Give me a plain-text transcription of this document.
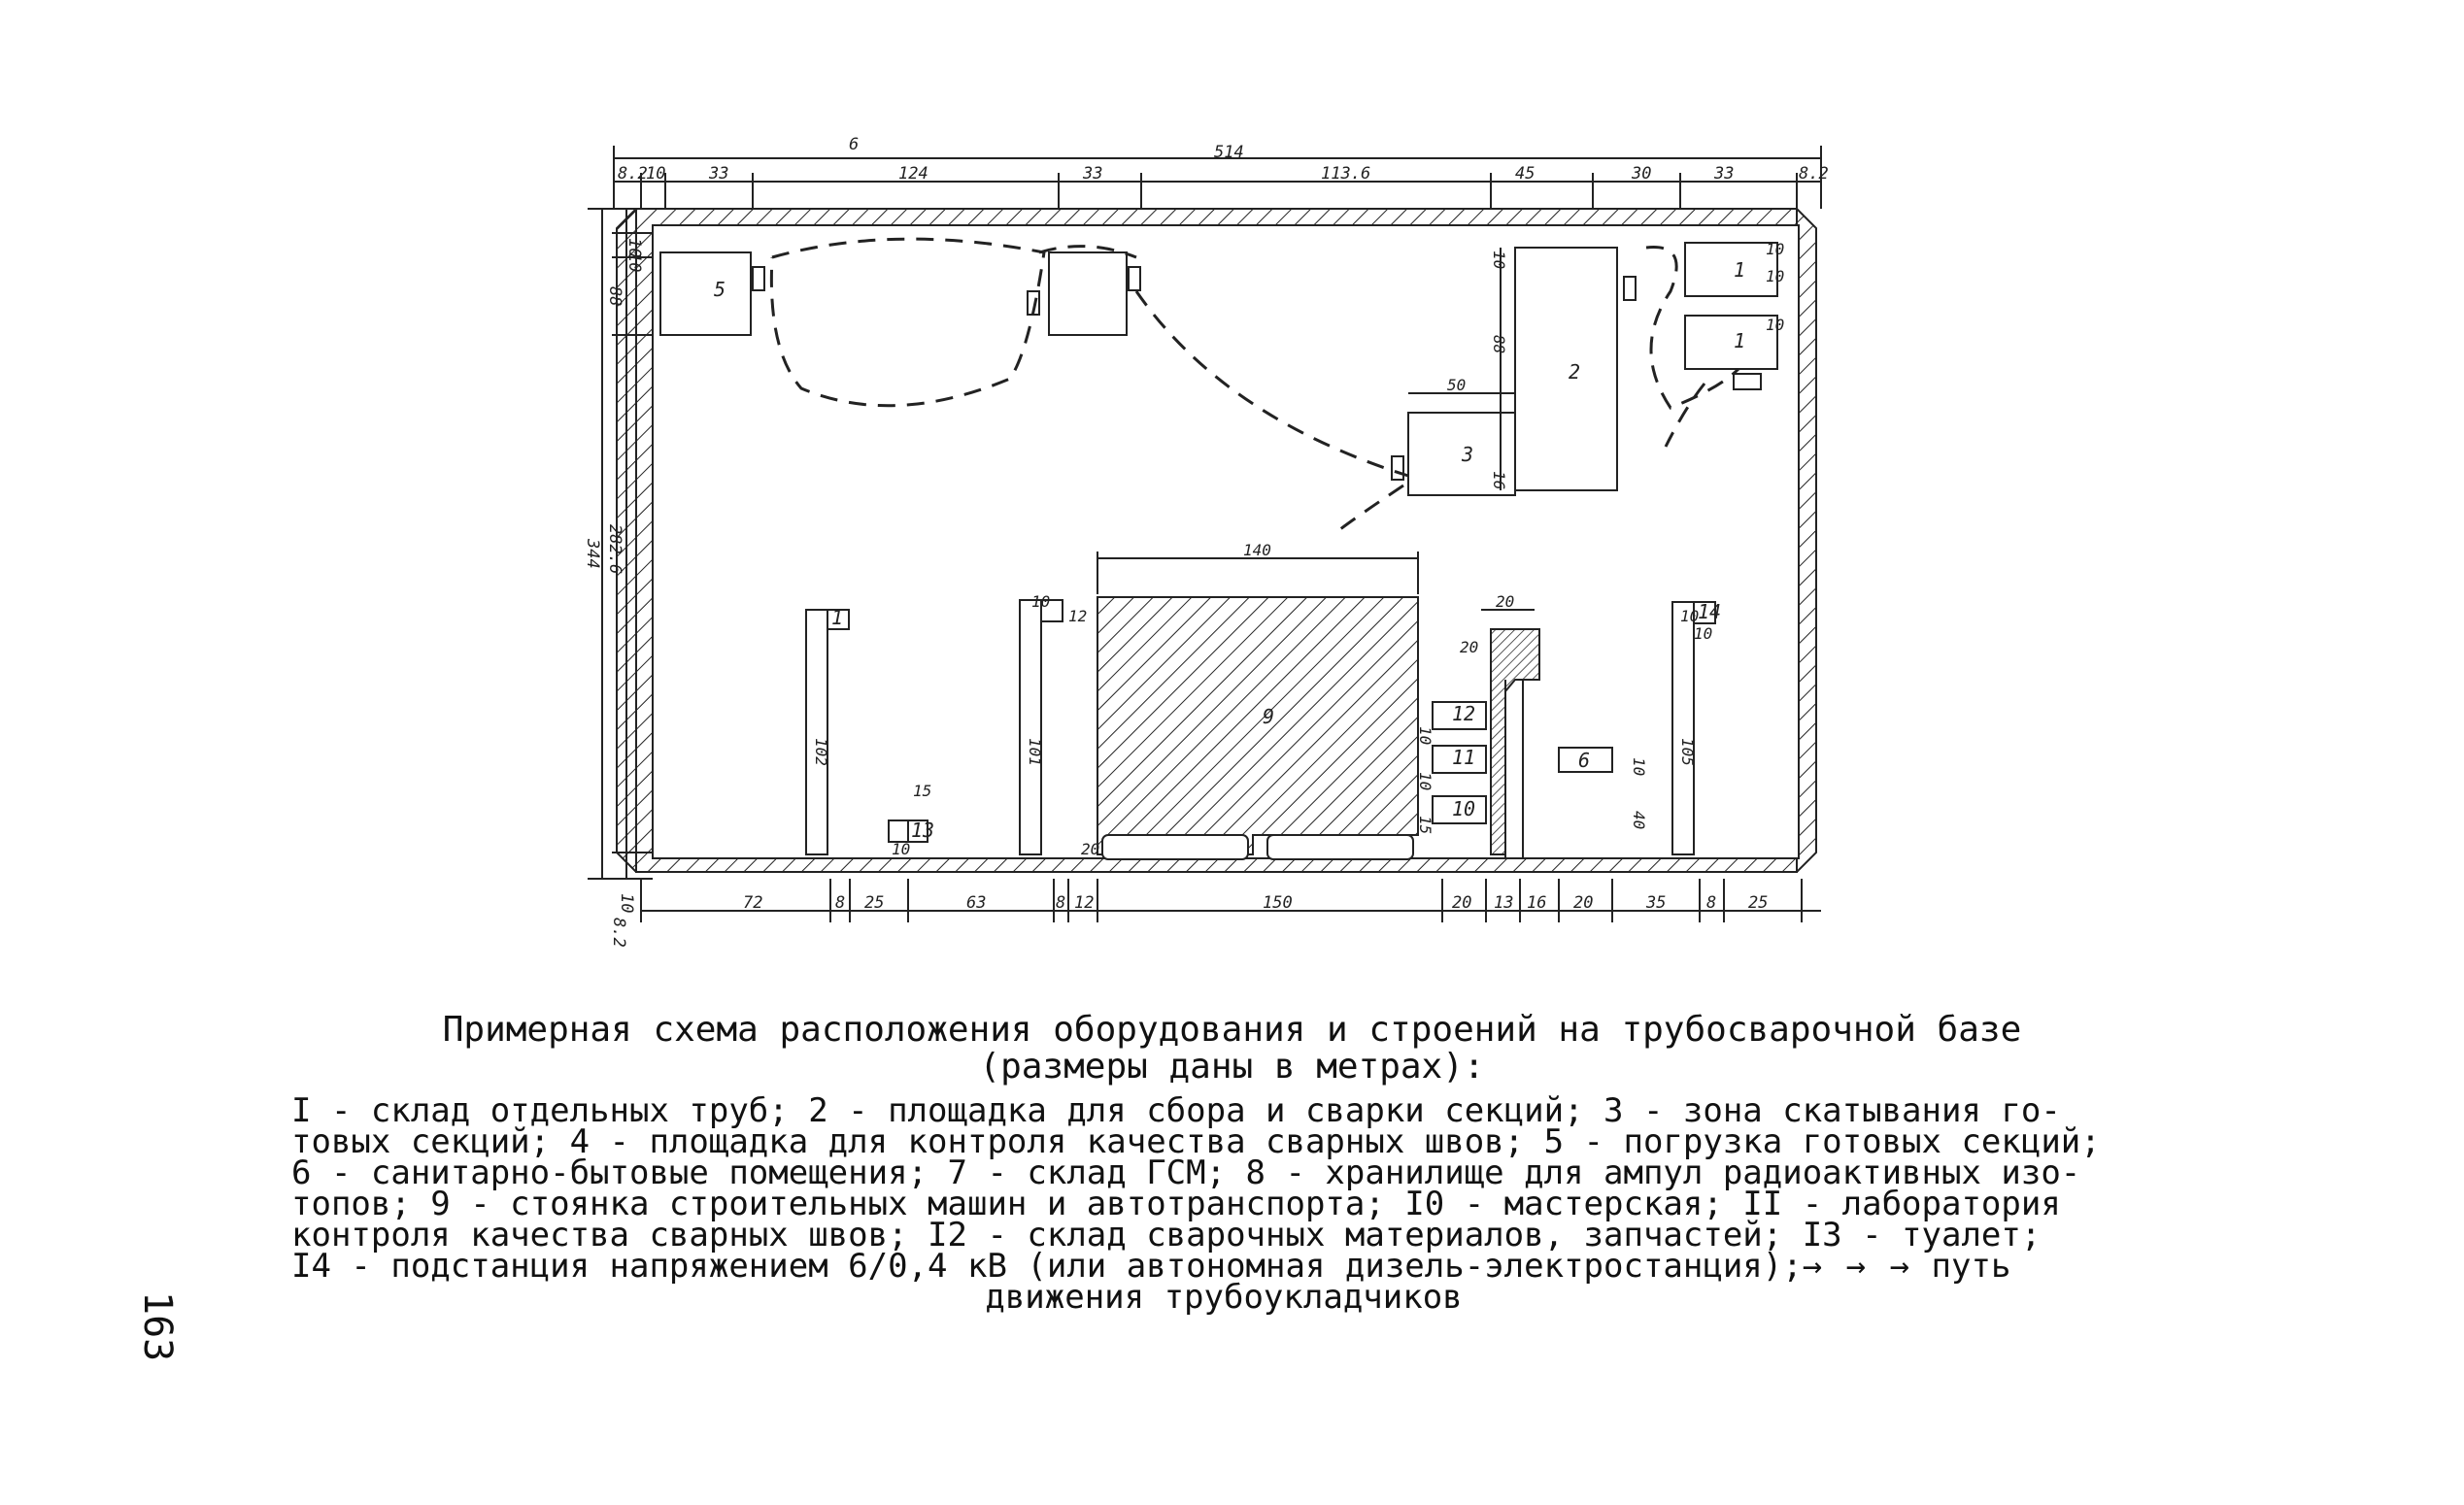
6	514
8.2
10	33	124	33	113.6	45	30	33	8.2
10
10
88
282.6
344
10
8.2
72	8 25	63	8 12	150	20 13 16 20	35 8 25
5
2
3
9
1
1
1
13
6
14
12
11
10
140
50
20
20
10
12
102	101	105
10
20
15
10
10
16
10
10
88
10
10
10
40
15
10
10

Примерная схема расположения оборудования и строений на трубосварочной базе

(размеры даны в метрах):

I - склад отдельных труб; 2 - площадка для сбора и сварки секций; 3 - зона скатывания го-
товых секций; 4 - площадка для контроля качества сварных швов; 5 - погрузка готовых секций;
6 - санитарно-бытовые помещения; 7 - склад ГСМ; 8 - хранилище для ампул радиоактивных изо-
топов; 9 - стоянка строительных машин и автотранспорта; I0 - мастерская; II - лаборатория
контроля качества сварных швов; I2 - склад сварочных материалов, запчастей; I3 - туалет;
I4 - подстанция напряжением 6/0,4 кВ (или автономная дизель-электростанция);→ → → путь
движения трубоукладчиков
163
